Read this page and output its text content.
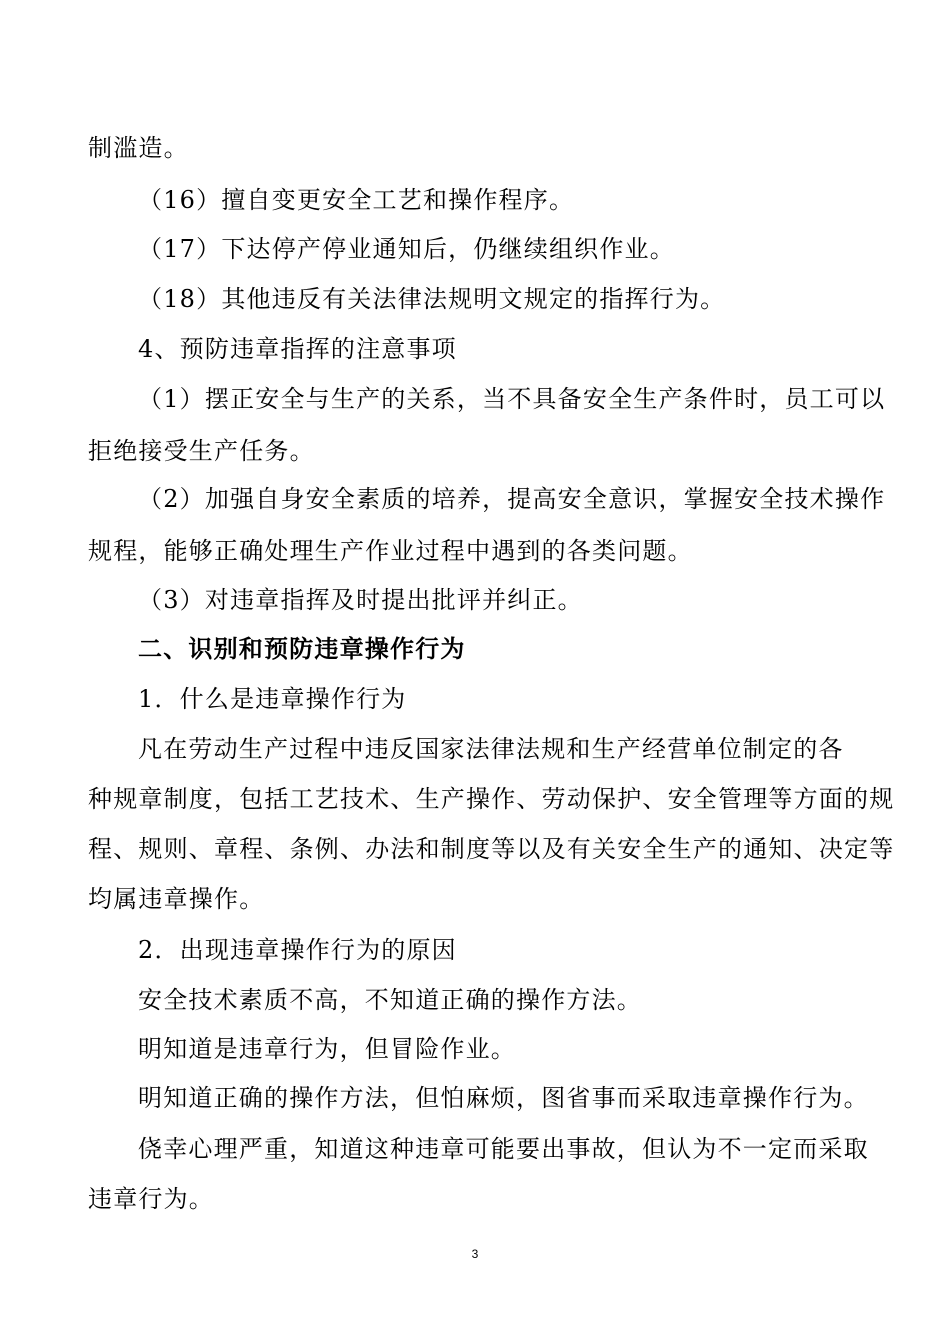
制滥造。
（16）擅自变更安全工艺和操作程序。
（17）下达停产停业通知后，仍继续组织作业。
（18）其他违反有关法律法规明文规定的指挥行为。
4、预防违章指挥的注意事项
（1）摆正安全与生产的关系，当不具备安全生产条件时，员工可以
拒绝接受生产任务。
（2）加强自身安全素质的培养，提高安全意识，掌握安全技术操作
规程，能够正确处理生产作业过程中遇到的各类问题。
（3）对违章指挥及时提出批评并纠正。
二、识别和预防违章操作行为
1．什么是违章操作行为
凡在劳动生产过程中违反国家法律法规和生产经营单位制定的各
种规章制度，包括工艺技术、生产操作、劳动保护、安全管理等方面的规
程、规则、章程、条例、办法和制度等以及有关安全生产的通知、决定等
均属违章操作。
2．出现违章操作行为的原因
安全技术素质不高，不知道正确的操作方法。
明知道是违章行为，但冒险作业。
明知道正确的操作方法，但怕麻烦，图省事而采取违章操作行为。
侥幸心理严重，知道这种违章可能要出事故，但认为不一定而采取
违章行为。
3
